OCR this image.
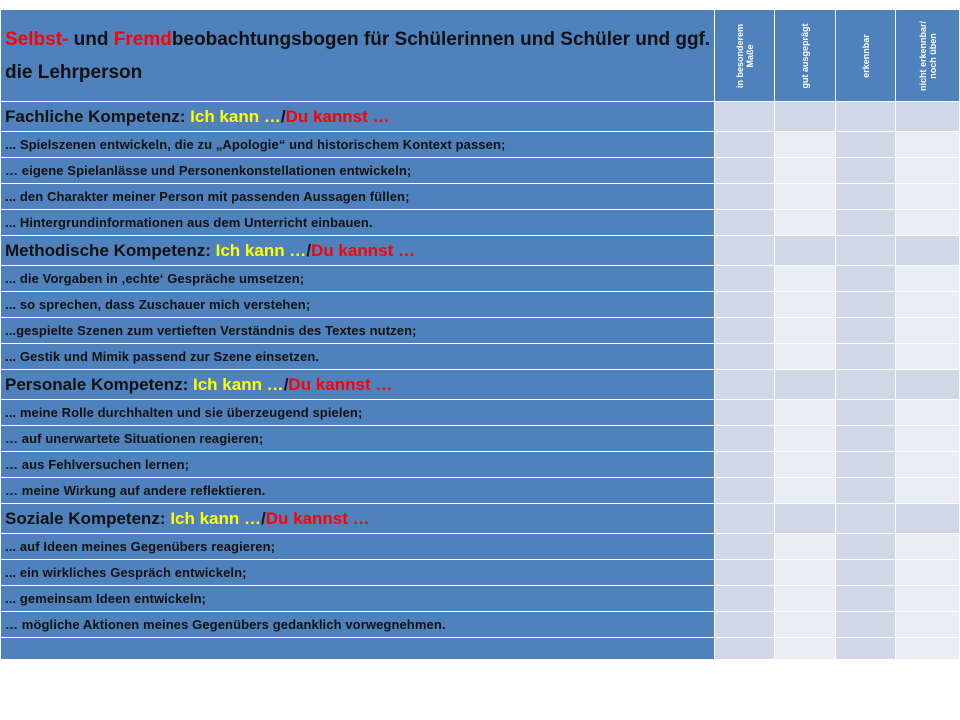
Selbst- und Fremdbeobachtungsbogen für Schülerinnen und Schüler und ggf. die Lehrperson	in besonderem Maße	gut ausgeprägt	erkennbar	nicht erkennbar/ noch üben

Fachliche Kompetenz: Ich kann …/Du kannst …				
... Spielszenen entwickeln, die zu „Apologie“ und historischem Kontext passen;				
… eigene Spielanlässe und Personenkonstellationen entwickeln;				
... den Charakter meiner Person mit passenden Aussagen füllen;				
... Hintergrundinformationen aus dem Unterricht einbauen.				
Methodische Kompetenz: Ich kann …/Du kannst …				
... die Vorgaben in ‚echte‘ Gespräche umsetzen;				
... so sprechen, dass Zuschauer mich verstehen;				
...gespielte Szenen zum vertieften Verständnis des Textes nutzen;				
... Gestik und Mimik passend zur Szene einsetzen.				
Personale Kompetenz: Ich kann …/Du kannst …				
... meine Rolle durchhalten und sie überzeugend spielen;				
… auf unerwartete Situationen reagieren;				
… aus Fehlversuchen lernen;				
… meine Wirkung auf andere reflektieren.				
Soziale Kompetenz: Ich kann …/Du kannst …				
... auf Ideen meines Gegenübers reagieren;				
... ein wirkliches Gespräch entwickeln;				
... gemeinsam Ideen entwickeln;				
… mögliche Aktionen meines Gegenübers gedanklich vorwegnehmen.				
